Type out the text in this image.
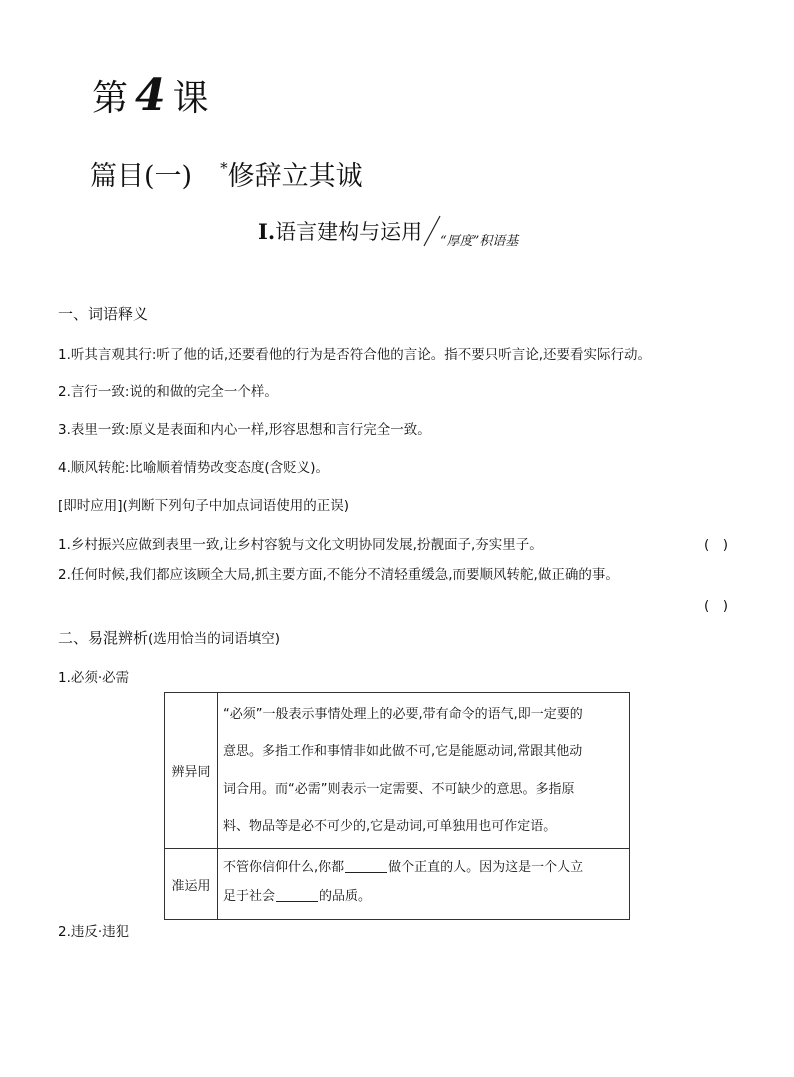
第 4 课
篇目(一) *修辞立其诚
Ⅰ.语言建构与运用 “厚度”积语基
一、词语释义
1.听其言观其行:听了他的话,还要看他的行为是否符合他的言论。指不要只听言论,还要看实际行动。
2.言行一致:说的和做的完全一个样。
3.表里一致:原义是表面和内心一样,形容思想和言行完全一致。
4.顺风转舵:比喻顺着情势改变态度(含贬义)。
[即时应用](判断下列句子中加点词语使用的正误)
1.乡村振兴应做到表里一致,让乡村容貌与文化文明协同发展,扮靓面子,夯实里子。	(　)
2.任何时候,我们都应该顾全大局,抓主要方面,不能分不清轻重缓急,而要顺风转舵,做正确的事。
(　)
二、易混辨析(选用恰当的词语填空)
1.必须·必需
辨异同	“必须”一般表示事情处理上的必要,带有命令的语气,即一定要的
意思。多指工作和事情非如此做不可,它是能愿动词,常跟其他动
词合用。而“必需”则表示一定需要、不可缺少的意思。多指原
料、物品等是必不可少的,它是动词,可单独用也可作定语。

准运用	不管你信仰什么,你都 做个正直的人。因为这是一个人立
足于社会 的品质。
2.违反·违犯
